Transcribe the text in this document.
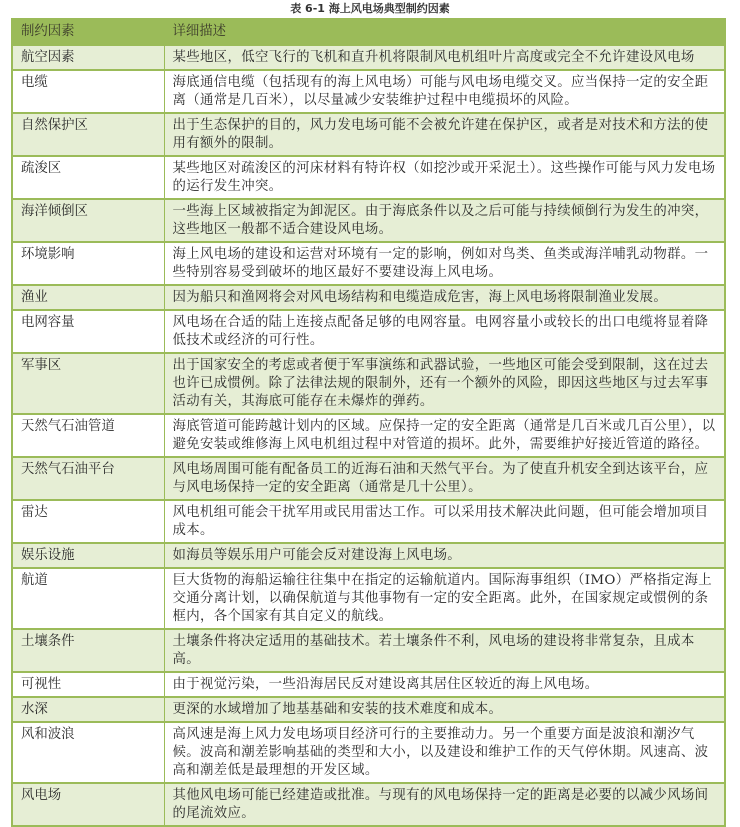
表 6-1 海上风电场典型制约因素
制约因素	详细描述
航空因素	某些地区，低空飞行的飞机和直升机将限制风电机组叶片高度或完全不允许建设风电场
电缆	海底通信电缆（包括现有的海上风电场）可能与风电场电缆交叉。应当保持一定的安全距离（通常是几百米），以尽量减少安装维护过程中电缆损坏的风险。
自然保护区	出于生态保护的目的，风力发电场可能不会被允许建在保护区，或者是对技术和方法的使用有额外的限制。
疏浚区	某些地区对疏浚区的河床材料有特许权（如挖沙或开采泥土）。这些操作可能与风力发电场的运行发生冲突。
海洋倾倒区	一些海上区域被指定为卸泥区。由于海底条件以及之后可能与持续倾倒行为发生的冲突，这些地区一般都不适合建设风电场。
环境影响	海上风电场的建设和运营对环境有一定的影响，例如对鸟类、鱼类或海洋哺乳动物群。一些特别容易受到破坏的地区最好不要建设海上风电场。
渔业	因为船只和渔网将会对风电场结构和电缆造成危害，海上风电场将限制渔业发展。
电网容量	风电场在合适的陆上连接点配备足够的电网容量。电网容量小或较长的出口电缆将显着降低技术或经济的可行性。
军事区	出于国家安全的考虑或者便于军事演练和武器试验，一些地区可能会受到限制，这在过去也许已成惯例。除了法律法规的限制外，还有一个额外的风险，即因这些地区与过去军事活动有关，其海底可能存在未爆炸的弹药。
天然气石油管道	海底管道可能跨越计划内的区域。应保持一定的安全距离（通常是几百米或几百公里），以避免安装或维修海上风电机组过程中对管道的损坏。此外，需要维护好接近管道的路径。
天然气石油平台	风电场周围可能有配备员工的近海石油和天然气平台。为了使直升机安全到达该平台，应与风电场保持一定的安全距离（通常是几十公里）。
雷达	风电机组可能会干扰军用或民用雷达工作。可以采用技术解决此问题，但可能会增加项目成本。
娱乐设施	如海员等娱乐用户可能会反对建设海上风电场。
航道	巨大货物的海船运输往往集中在指定的运输航道内。国际海事组织（IMO）严格指定海上交通分离计划，以确保航道与其他事物有一定的安全距离。此外，在国家规定或惯例的条框内，各个国家有其自定义的航线。
土壤条件	土壤条件将决定适用的基础技术。若土壤条件不利，风电场的建设将非常复杂，且成本高。
可视性	由于视觉污染，一些沿海居民反对建设离其居住区较近的海上风电场。
水深	更深的水域增加了地基基础和安装的技术难度和成本。
风和波浪	高风速是海上风力发电场项目经济可行的主要推动力。另一个重要方面是波浪和潮汐气候。波高和潮差影响基础的类型和大小，以及建设和维护工作的天气停休期。风速高、波高和潮差低是最理想的开发区域。
风电场	其他风电场可能已经建造或批准。与现有的风电场保持一定的距离是必要的以减少风场间的尾流效应。
